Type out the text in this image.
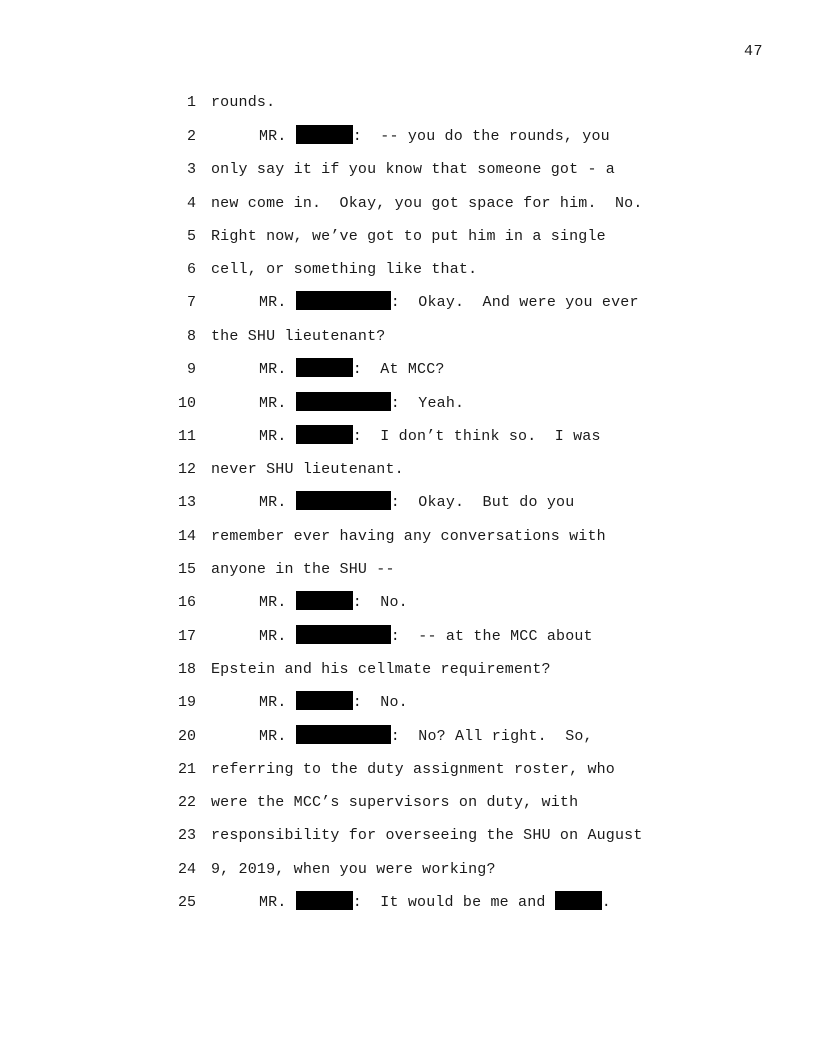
47
1 rounds.
2	MR.	:  -- you do the rounds, you
3 only say it if you know that someone got - a
4 new come in.  Okay, you got space for him.  No.
5 Right now, we’ve got to put him in a single
6 cell, or something like that.
7	MR.	:  Okay.  And were you ever
8 the SHU lieutenant?
9	MR.	:  At MCC?
10	MR.	:  Yeah.
11	MR.	:  I don’t think so.  I was
12 never SHU lieutenant.
13	MR.	:  Okay.  But do you
14 remember ever having any conversations with
15 anyone in the SHU --
16	MR.	:  No.
17	MR.	:  -- at the MCC about
18 Epstein and his cellmate requirement?
19	MR.	:  No.
20	MR.	:  No? All right.  So,
21 referring to the duty assignment roster, who
22 were the MCC’s supervisors on duty, with
23 responsibility for overseeing the SHU on August
24 9, 2019, when you were working?
25	MR.	:  It would be me and	.
